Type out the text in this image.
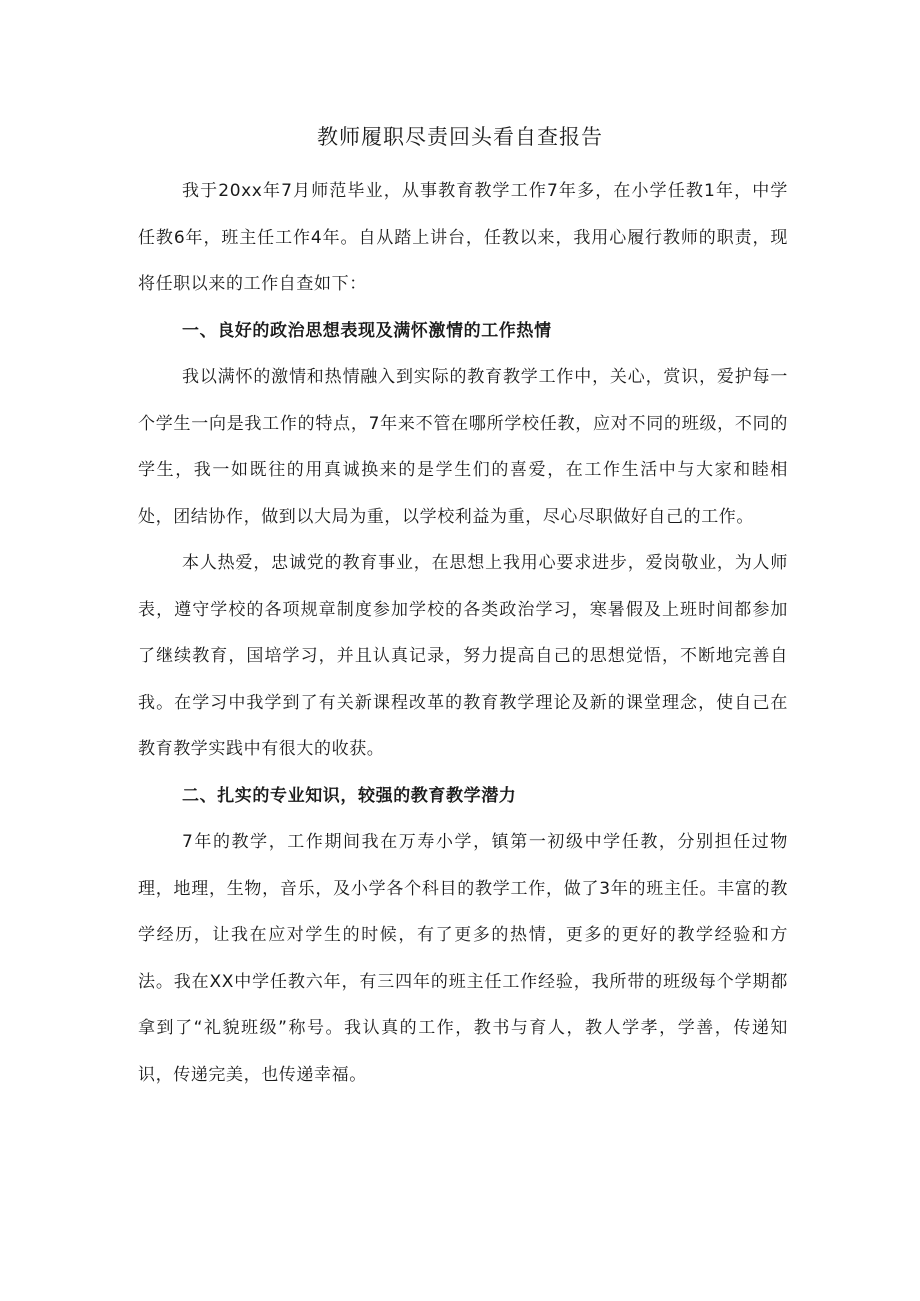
教师履职尽责回头看自查报告

我于20xx年7月师范毕业，从事教育教学工作7年多，在小学任教1年，中学任教6年，班主任工作4年。自从踏上讲台，任教以来，我用心履行教师的职责，现将任职以来的工作自查如下：

一、良好的政治思想表现及满怀激情的工作热情

我以满怀的激情和热情融入到实际的教育教学工作中，关心，赏识，爱护每一个学生一向是我工作的特点，7年来不管在哪所学校任教，应对不同的班级，不同的学生，我一如既往的用真诚换来的是学生们的喜爱，在工作生活中与大家和睦相处，团结协作，做到以大局为重，以学校利益为重，尽心尽职做好自己的工作。

本人热爱，忠诚党的教育事业，在思想上我用心要求进步，爱岗敬业，为人师表，遵守学校的各项规章制度参加学校的各类政治学习，寒暑假及上班时间都参加了继续教育，国培学习，并且认真记录，努力提高自己的思想觉悟，不断地完善自我。在学习中我学到了有关新课程改革的教育教学理论及新的课堂理念，使自己在教育教学实践中有很大的收获。

二、扎实的专业知识，较强的教育教学潜力

7年的教学，工作期间我在万寿小学，镇第一初级中学任教，分别担任过物理，地理，生物，音乐，及小学各个科目的教学工作，做了3年的班主任。丰富的教学经历，让我在应对学生的时候，有了更多的热情，更多的更好的教学经验和方法。我在XX中学任教六年，有三四年的班主任工作经验，我所带的班级每个学期都拿到了“礼貌班级”称号。我认真的工作，教书与育人，教人学孝，学善，传递知识，传递完美，也传递幸福。
